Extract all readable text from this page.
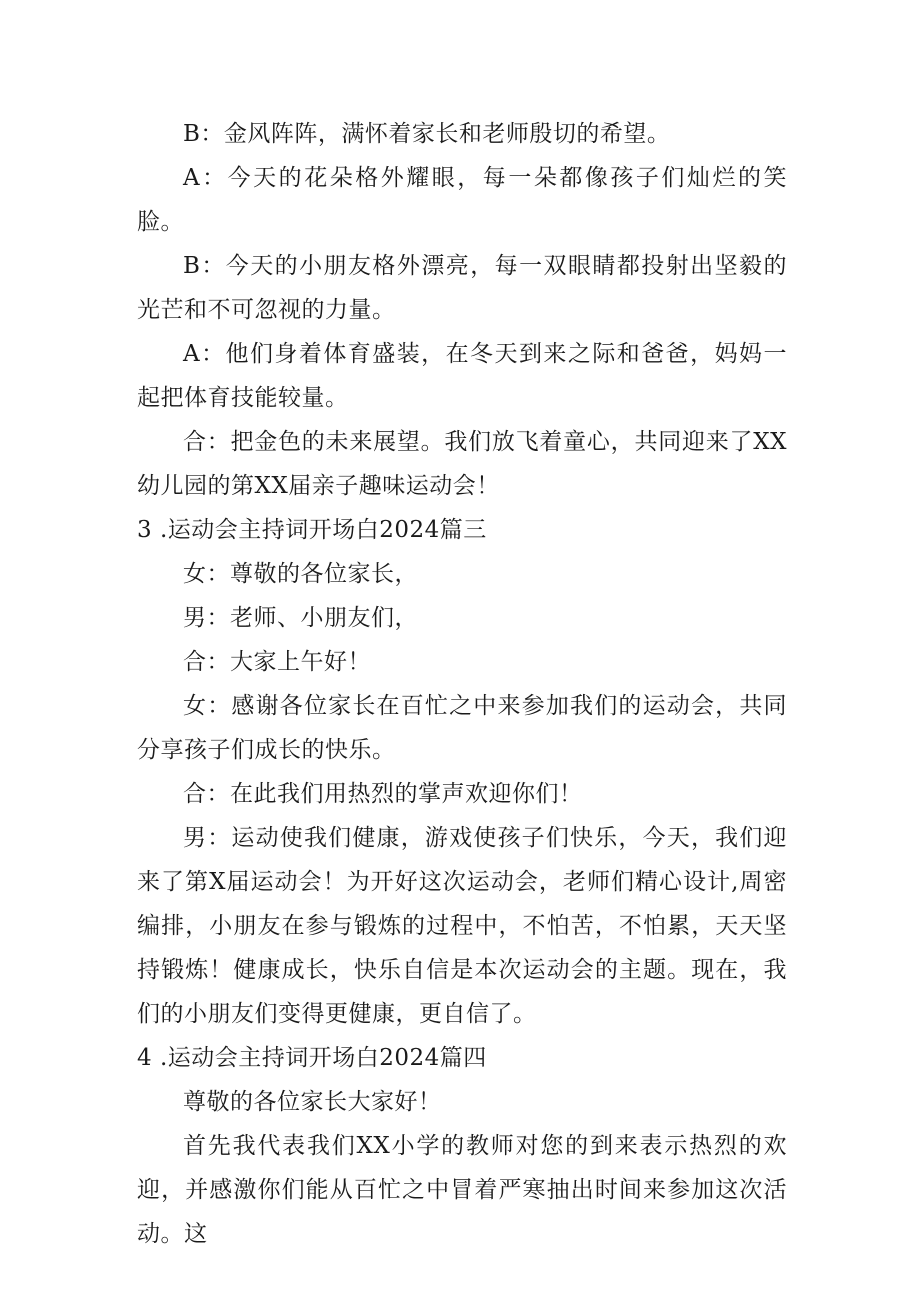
B：金风阵阵，满怀着家长和老师殷切的希望。

A：今天的花朵格外耀眼，每一朵都像孩子们灿烂的笑脸。

B：今天的小朋友格外漂亮，每一双眼睛都投射出坚毅的光芒和不可忽视的力量。

A：他们身着体育盛装，在冬天到来之际和爸爸，妈妈一起把体育技能较量。

合：把金色的未来展望。我们放飞着童心，共同迎来了XX幼儿园的第XX届亲子趣味运动会！

3 .运动会主持词开场白2024篇三

女：尊敬的各位家长，

男：老师、小朋友们，

合：大家上午好！

女：感谢各位家长在百忙之中来参加我们的运动会，共同分享孩子们成长的快乐。

合：在此我们用热烈的掌声欢迎你们！

男：运动使我们健康，游戏使孩子们快乐，今天，我们迎来了第X届运动会！为开好这次运动会，老师们精心设计,周密编排，小朋友在参与锻炼的过程中，不怕苦，不怕累，天天坚持锻炼！健康成长，快乐自信是本次运动会的主题。现在，我们的小朋友们变得更健康，更自信了。

4 .运动会主持词开场白2024篇四

尊敬的各位家长大家好！

首先我代表我们XX小学的教师对您的到来表示热烈的欢迎，并感激你们能从百忙之中冒着严寒抽出时间来参加这次活动。这
